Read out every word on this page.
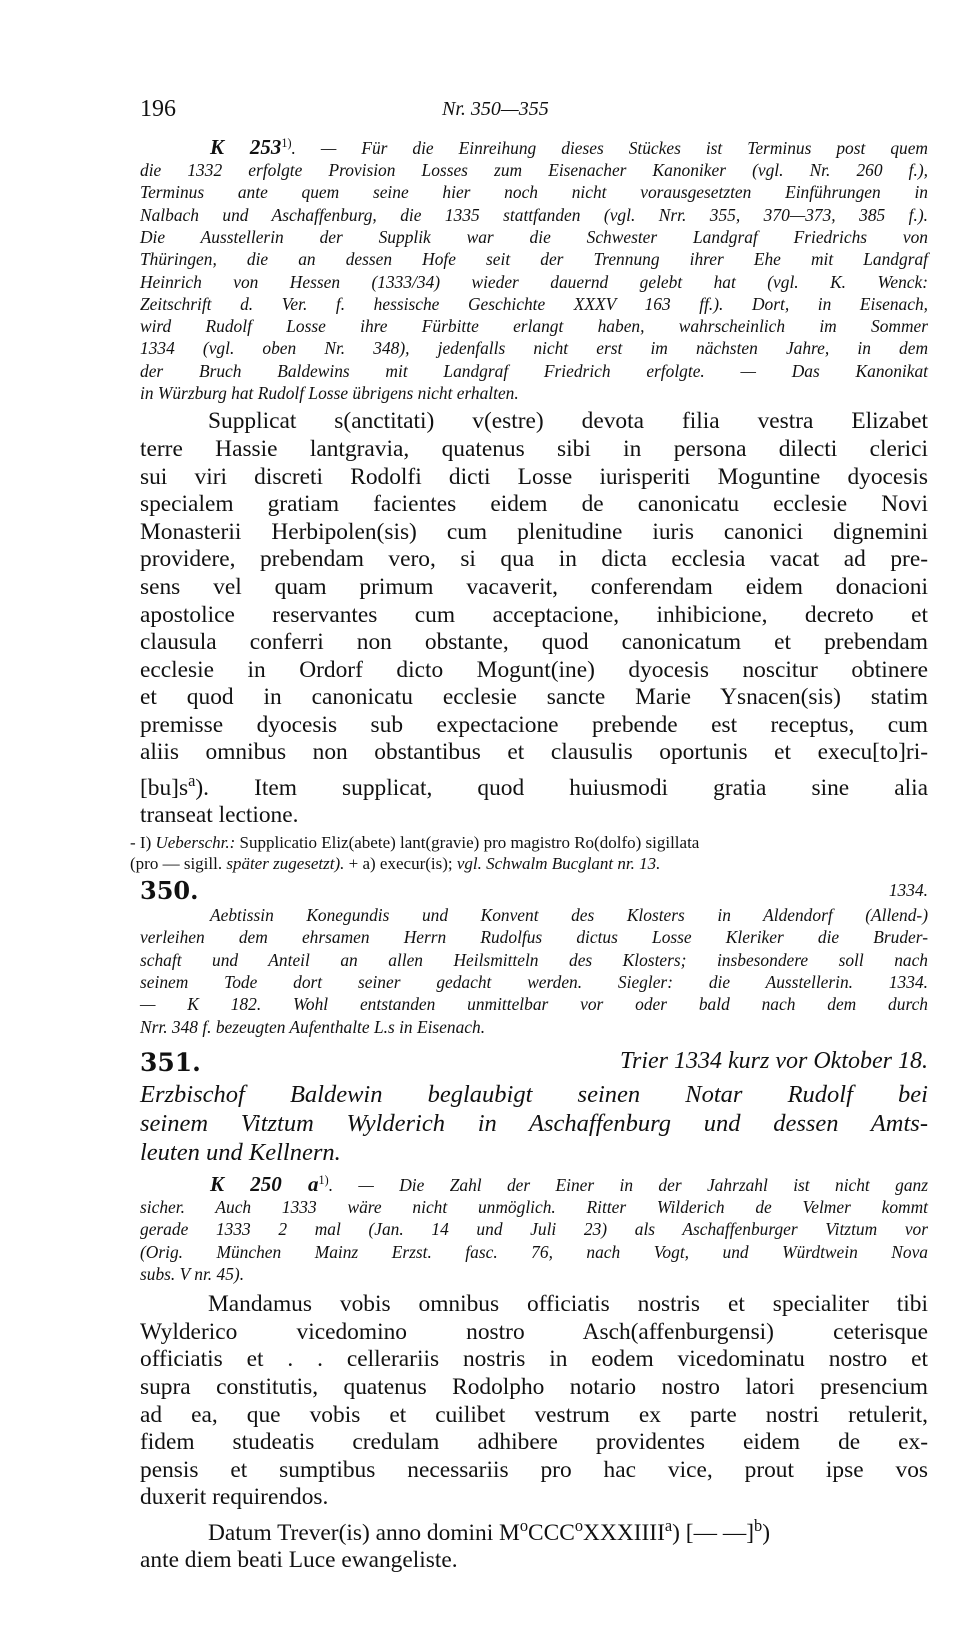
196	Nr. 350—355
K 253$^{1)}$. — Für die Einreihung dieses Stückes ist Terminus post quem
die 1332 erfolgte Provision Losses zum Eisenacher Kanoniker (vgl. Nr. 260 f.),
Terminus ante quem seine hier noch nicht vorausgesetzten Einführungen in
Nalbach und Aschaffenburg, die 1335 stattfanden (vgl. Nrr. 355, 370—373, 385 f.).
Die Ausstellerin der Supplik war die Schwester Landgraf Friedrichs von
Thüringen, die an dessen Hofe seit der Trennung ihrer Ehe mit Landgraf
Heinrich von Hessen (1333/34) wieder dauernd gelebt hat (vgl. K. Wenck:
Zeitschrift d. Ver. f. hessische Geschichte XXXV 163 ff.). Dort, in Eisenach,
wird Rudolf Losse ihre Fürbitte erlangt haben, wahrscheinlich im Sommer
1334 (vgl. oben Nr. 348), jedenfalls nicht erst im nächsten Jahre, in dem
der Bruch Baldewins mit Landgraf Friedrich erfolgte. — Das Kanonikat
in Würzburg hat Rudolf Losse übrigens nicht erhalten.
Supplicat s(anctitati) v(estre) devota filia vestra Elizabet
terre Hassie lantgravia, quatenus sibi in persona dilecti clerici
sui viri discreti Rodolfi dicti Losse iurisperiti Moguntine dyocesis
specialem gratiam facientes eidem de canonicatu ecclesie Novi
Monasterii Herbipolen(sis) cum plenitudine iuris canonici dignemini
providere, prebendam vero, si qua in dicta ecclesia vacat ad pre-
sens vel quam primum vacaverit, conferendam eidem donacioni
apostolice reservantes cum acceptacione, inhibicione, decreto et
clausula conferri non obstante, quod canonicatum et prebendam
ecclesie in Ordorf dicto Mogunt(ine) dyocesis noscitur obtinere
et quod in canonicatu ecclesie sancte Marie Ysnacen(sis) statim
premisse dyocesis sub expectacione prebende est receptus, cum
aliis omnibus non obstantibus et clausulis oportunis et execu[to]ri-
$[bu]s^a$). Item supplicat, quod huiusmodi gratia sine alia
transeat lectione.
- I) Ueberschr.: Supplicatio Eliz(abete) lant(gravie) pro magistro Ro(dolfo) sigillata
(pro — sigill. später zugesetzt). + a) execur(is); vgl. Schwalm Bucglant nr. 13.
350.	1334.
Aebtissin Konegundis und Konvent des Klosters in Aldendorf (Allend-)
verleihen dem ehrsamen Herrn Rudolfus dictus Losse Kleriker die Bruder-
schaft und Anteil an allen Heilsmitteln des Klosters; insbesondere soll nach
seinem Tode dort seiner gedacht werden. Siegler: die Ausstellerin. 1334.
— K 182. Wohl entstanden unmittelbar vor oder bald nach dem durch
Nrr. 348 f. bezeugten Aufenthalte L.s in Eisenach.
351.	Trier 1334 kurz vor Oktober 18.
Erzbischof Baldewin beglaubigt seinen Notar Rudolf bei
seinem Vitztum Wylderich in Aschaffenburg und dessen Amts-
leuten und Kellnern.
K 250 $a^{1)}$. — Die Zahl der Einer in der Jahrzahl ist nicht ganz
sicher. Auch 1333 wäre nicht unmöglich. Ritter Wilderich de Velmer kommt
gerade 1333 2 mal (Jan. 14 und Juli 23) als Aschaffenburger Vitztum vor
(Orig. München Mainz Erzst. fasc. 76, nach Vogt, und Würdtwein Nova
subs. V nr. 45).
Mandamus vobis omnibus officiatis nostris et specialiter tibi
Wylderico vicedomino nostro Asch(affenburgensi) ceterisque
officiatis et . . cellerariis nostris in eodem vicedominatu nostro et
supra constitutis, quatenus Rodolpho notario nostro latori presencium
ad ea, que vobis et cuilibet vestrum ex parte nostri retulerit,
fidem studeatis credulam adhibere providentes eidem de ex-
pensis et sumptibus necessariis pro hac vice, prout ipse vos
duxerit requirendos.
Datum Trever(is) anno domini $M^oCCC^oXXXIIII^a$) [— —]$^b$)
ante diem beati Luce ewangeliste.
